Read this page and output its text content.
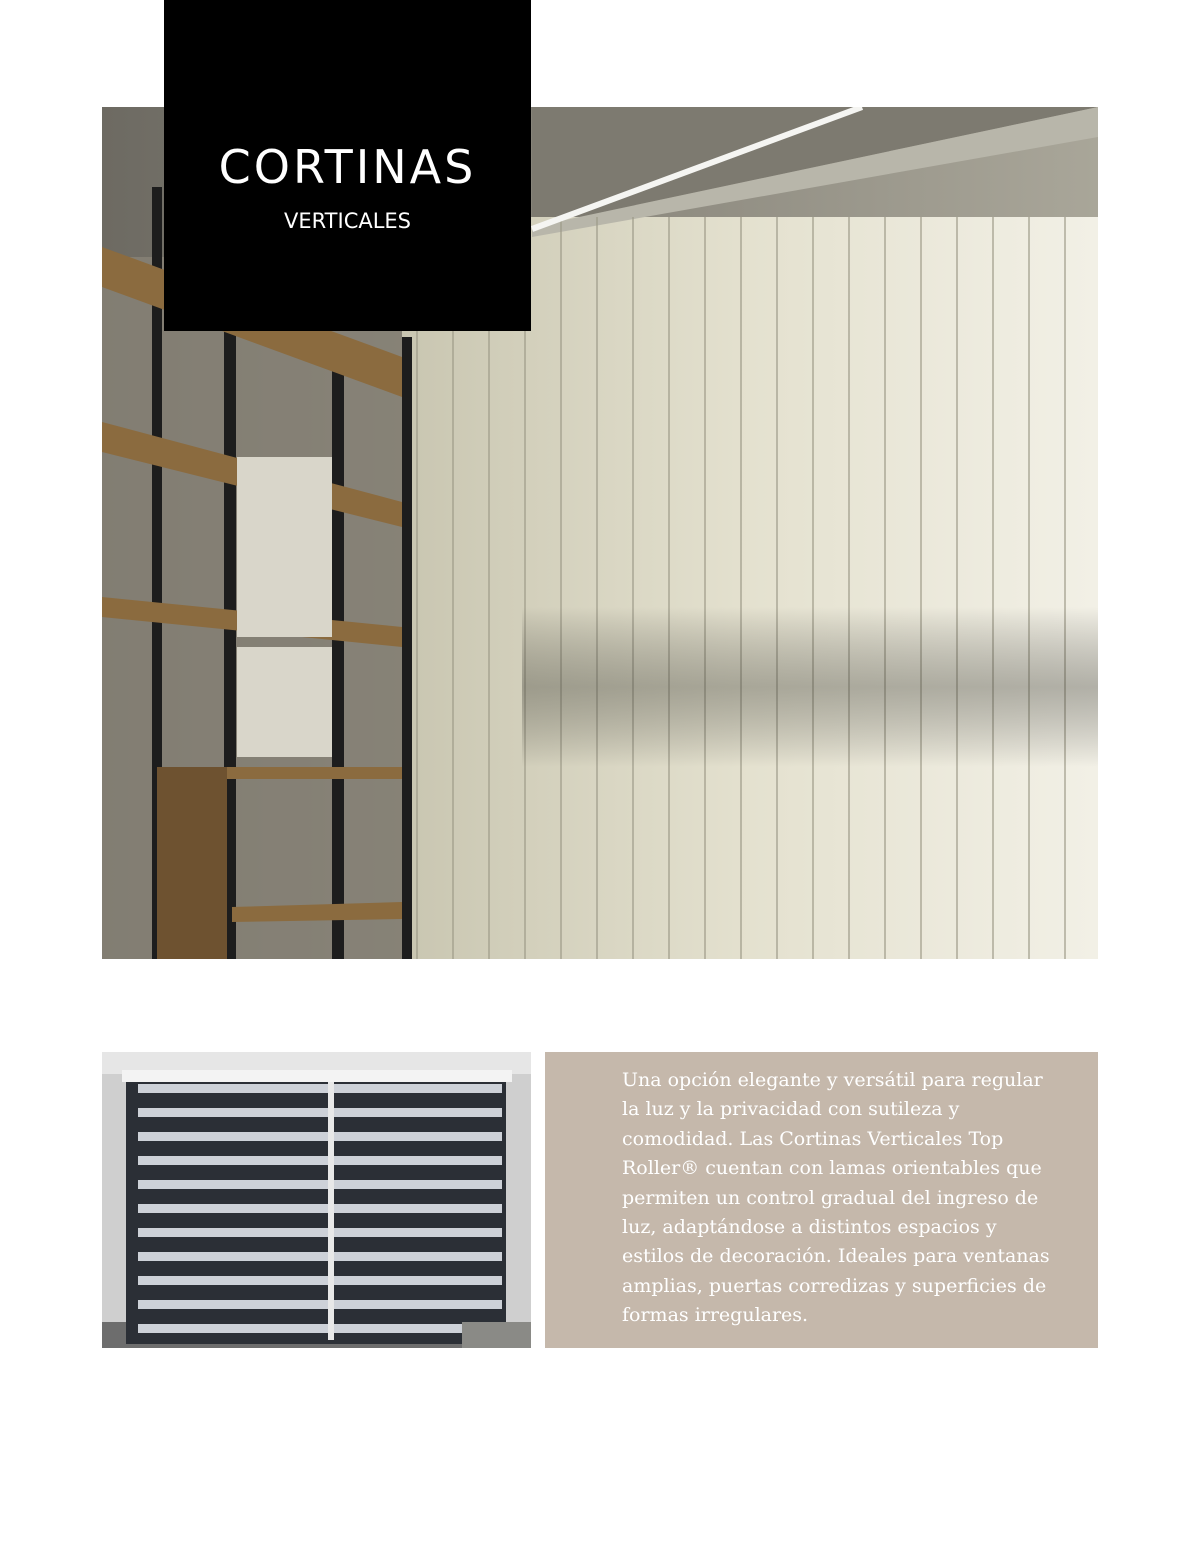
CORTINAS
VERTICALES

Una opción elegante y versátil para regular la luz y la privacidad con sutileza y comodidad. Las Cortinas Verticales Top Roller® cuentan con lamas orientables que permiten un control gradual del ingreso de luz, adaptándose a distintos espacios y estilos de decoración. Ideales para ventanas amplias, puertas corredizas y superficies de formas irregulares.
